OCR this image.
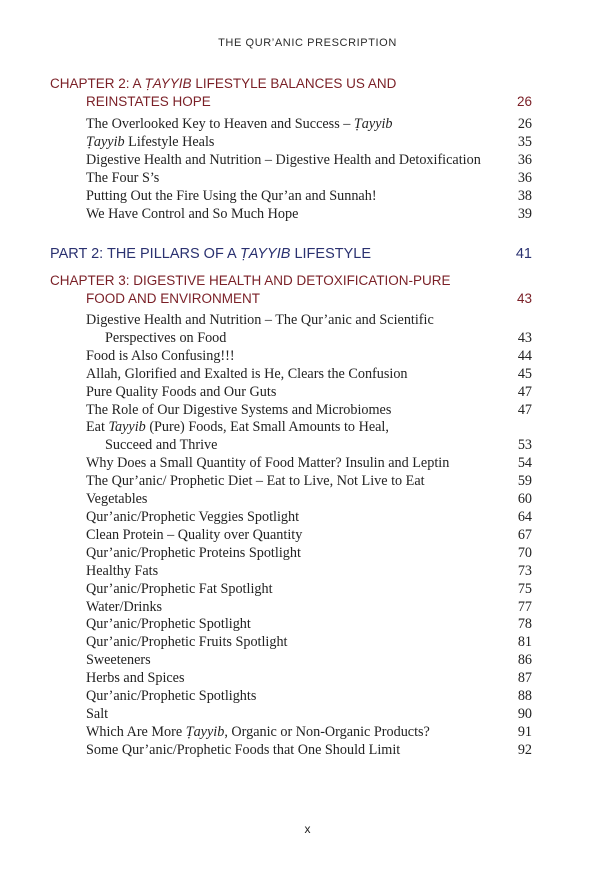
THE QUR’ANIC PRESCRIPTION
CHAPTER 2: A ṬAYYIB LIFESTYLE BALANCES US AND
REINSTATES HOPE	26
The Overlooked Key to Heaven and Success – Ṭayyib	26
Ṭayyib Lifestyle Heals	35
Digestive Health and Nutrition – Digestive Health and Detoxification	36
The Four S’s	36
Putting Out the Fire Using the Qur’an and Sunnah!	38
We Have Control and So Much Hope	39
PART 2: THE PILLARS OF A ṬAYYIB LIFESTYLE	41
CHAPTER 3: DIGESTIVE HEALTH AND DETOXIFICATION-PURE
FOOD AND ENVIRONMENT	43
Digestive Health and Nutrition – The Qur’anic and Scientific
Perspectives on Food	43
Food is Also Confusing!!!	44
Allah, Glorified and Exalted is He, Clears the Confusion	45
Pure Quality Foods and Our Guts	47
The Role of Our Digestive Systems and Microbiomes	47
Eat Tayyib (Pure) Foods, Eat Small Amounts to Heal,
Succeed and Thrive	53
Why Does a Small Quantity of Food Matter? Insulin and Leptin	54
The Qur’anic/ Prophetic Diet – Eat to Live, Not Live to Eat	59
Vegetables	60
Qur’anic/Prophetic Veggies Spotlight	64
Clean Protein – Quality over Quantity	67
Qur’anic/Prophetic Proteins Spotlight	70
Healthy Fats	73
Qur’anic/Prophetic Fat Spotlight	75
Water/Drinks	77
Qur’anic/Prophetic Spotlight	78
Qur’anic/Prophetic Fruits Spotlight	81
Sweeteners	86
Herbs and Spices	87
Qur’anic/Prophetic Spotlights	88
Salt	90
Which Are More Ṭayyib, Organic or Non-Organic Products?	91
Some Qur’anic/Prophetic Foods that One Should Limit	92
x
